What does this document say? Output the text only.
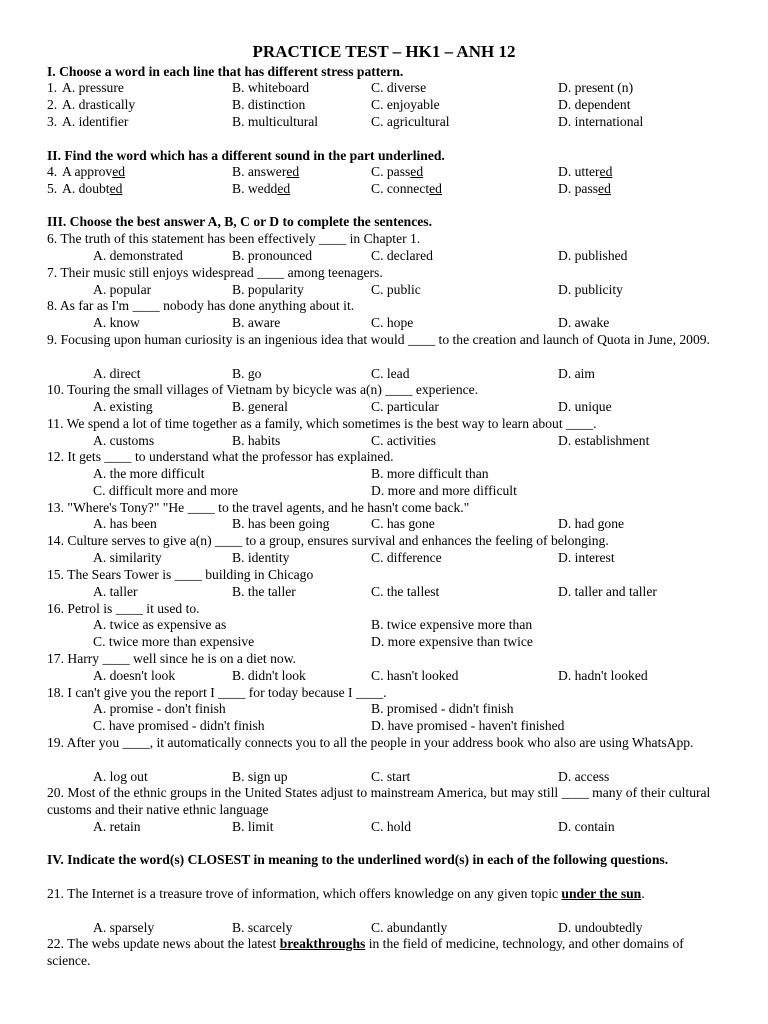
PRACTICE TEST – HK1 – ANH 12
I. Choose a word in each line that has different stress pattern.
1. A. pressure	B. whiteboard	C. diverse	D. present (n)
2. A. drastically	B. distinction	C. enjoyable	D. dependent
3. A. identifier	B. multicultural	C. agricultural	D. international
II. Find the word which has a different sound in the part underlined.
4. A approved	B. answered	C. passed	D. uttered
5. A. doubted	B. wedded	C. connected	D. passed
III. Choose the best answer A, B, C or D to complete the sentences.
6. The truth of this statement has been effectively ____ in Chapter 1.
A. demonstrated	B. pronounced	C. declared	D. published
7. Their music still enjoys widespread ____ among teenagers.
A. popular	B. popularity	C. public	D. publicity
8. As far as I'm ____ nobody has done anything about it.
A. know	B. aware	C. hope	D. awake
9. Focusing upon human curiosity is an ingenious idea that would ____ to the creation and launch of Quota in June, 2009.
A. direct	B. go	C. lead	D. aim
10. Touring the small villages of Vietnam by bicycle was a(n) ____ experience.
A. existing	B. general	C. particular	D. unique
11. We spend a lot of time together as a family, which sometimes is the best way to learn about ____.
A. customs	B. habits	C. activities	D. establishment
12. It gets ____ to understand what the professor has explained.
A. the more difficult	B. more difficult than
C. difficult more and more	D. more and more difficult
13. "Where's Tony?" "He ____ to the travel agents, and he hasn't come back."
A. has been	B. has been going	C. has gone	D. had gone
14. Culture serves to give a(n) ____ to a group, ensures survival and enhances the feeling of belonging.
A. similarity	B. identity	C. difference	D. interest
15. The Sears Tower is ____ building in Chicago
A. taller	B. the taller	C. the tallest	D. taller and taller
16. Petrol is ____ it used to.
A. twice as expensive as	B. twice expensive more than
C. twice more than expensive	D. more expensive than twice
17. Harry ____ well since he is on a diet now.
A. doesn't look	B. didn't look	C. hasn't looked	D. hadn't looked
18. I can't give you the report I ____ for today because I ____.
A. promise - don't finish	B. promised - didn't finish
C. have promised - didn't finish	D. have promised - haven't finished
19. After you ____, it automatically connects you to all the people in your address book who also are using WhatsApp.
A. log out	B. sign up	C. start	D. access
20. Most of the ethnic groups in the United States adjust to mainstream America, but may still ____ many of their cultural customs and their native ethnic language
A. retain	B. limit	C. hold	D. contain
IV. Indicate the word(s) CLOSEST in meaning to the underlined word(s) in each of the following questions.
21. The Internet is a treasure trove of information, which offers knowledge on any given topic under the sun.
A. sparsely	B. scarcely	C. abundantly	D. undoubtedly
22. The webs update news about the latest breakthroughs in the field of medicine, technology, and other domains of science.
